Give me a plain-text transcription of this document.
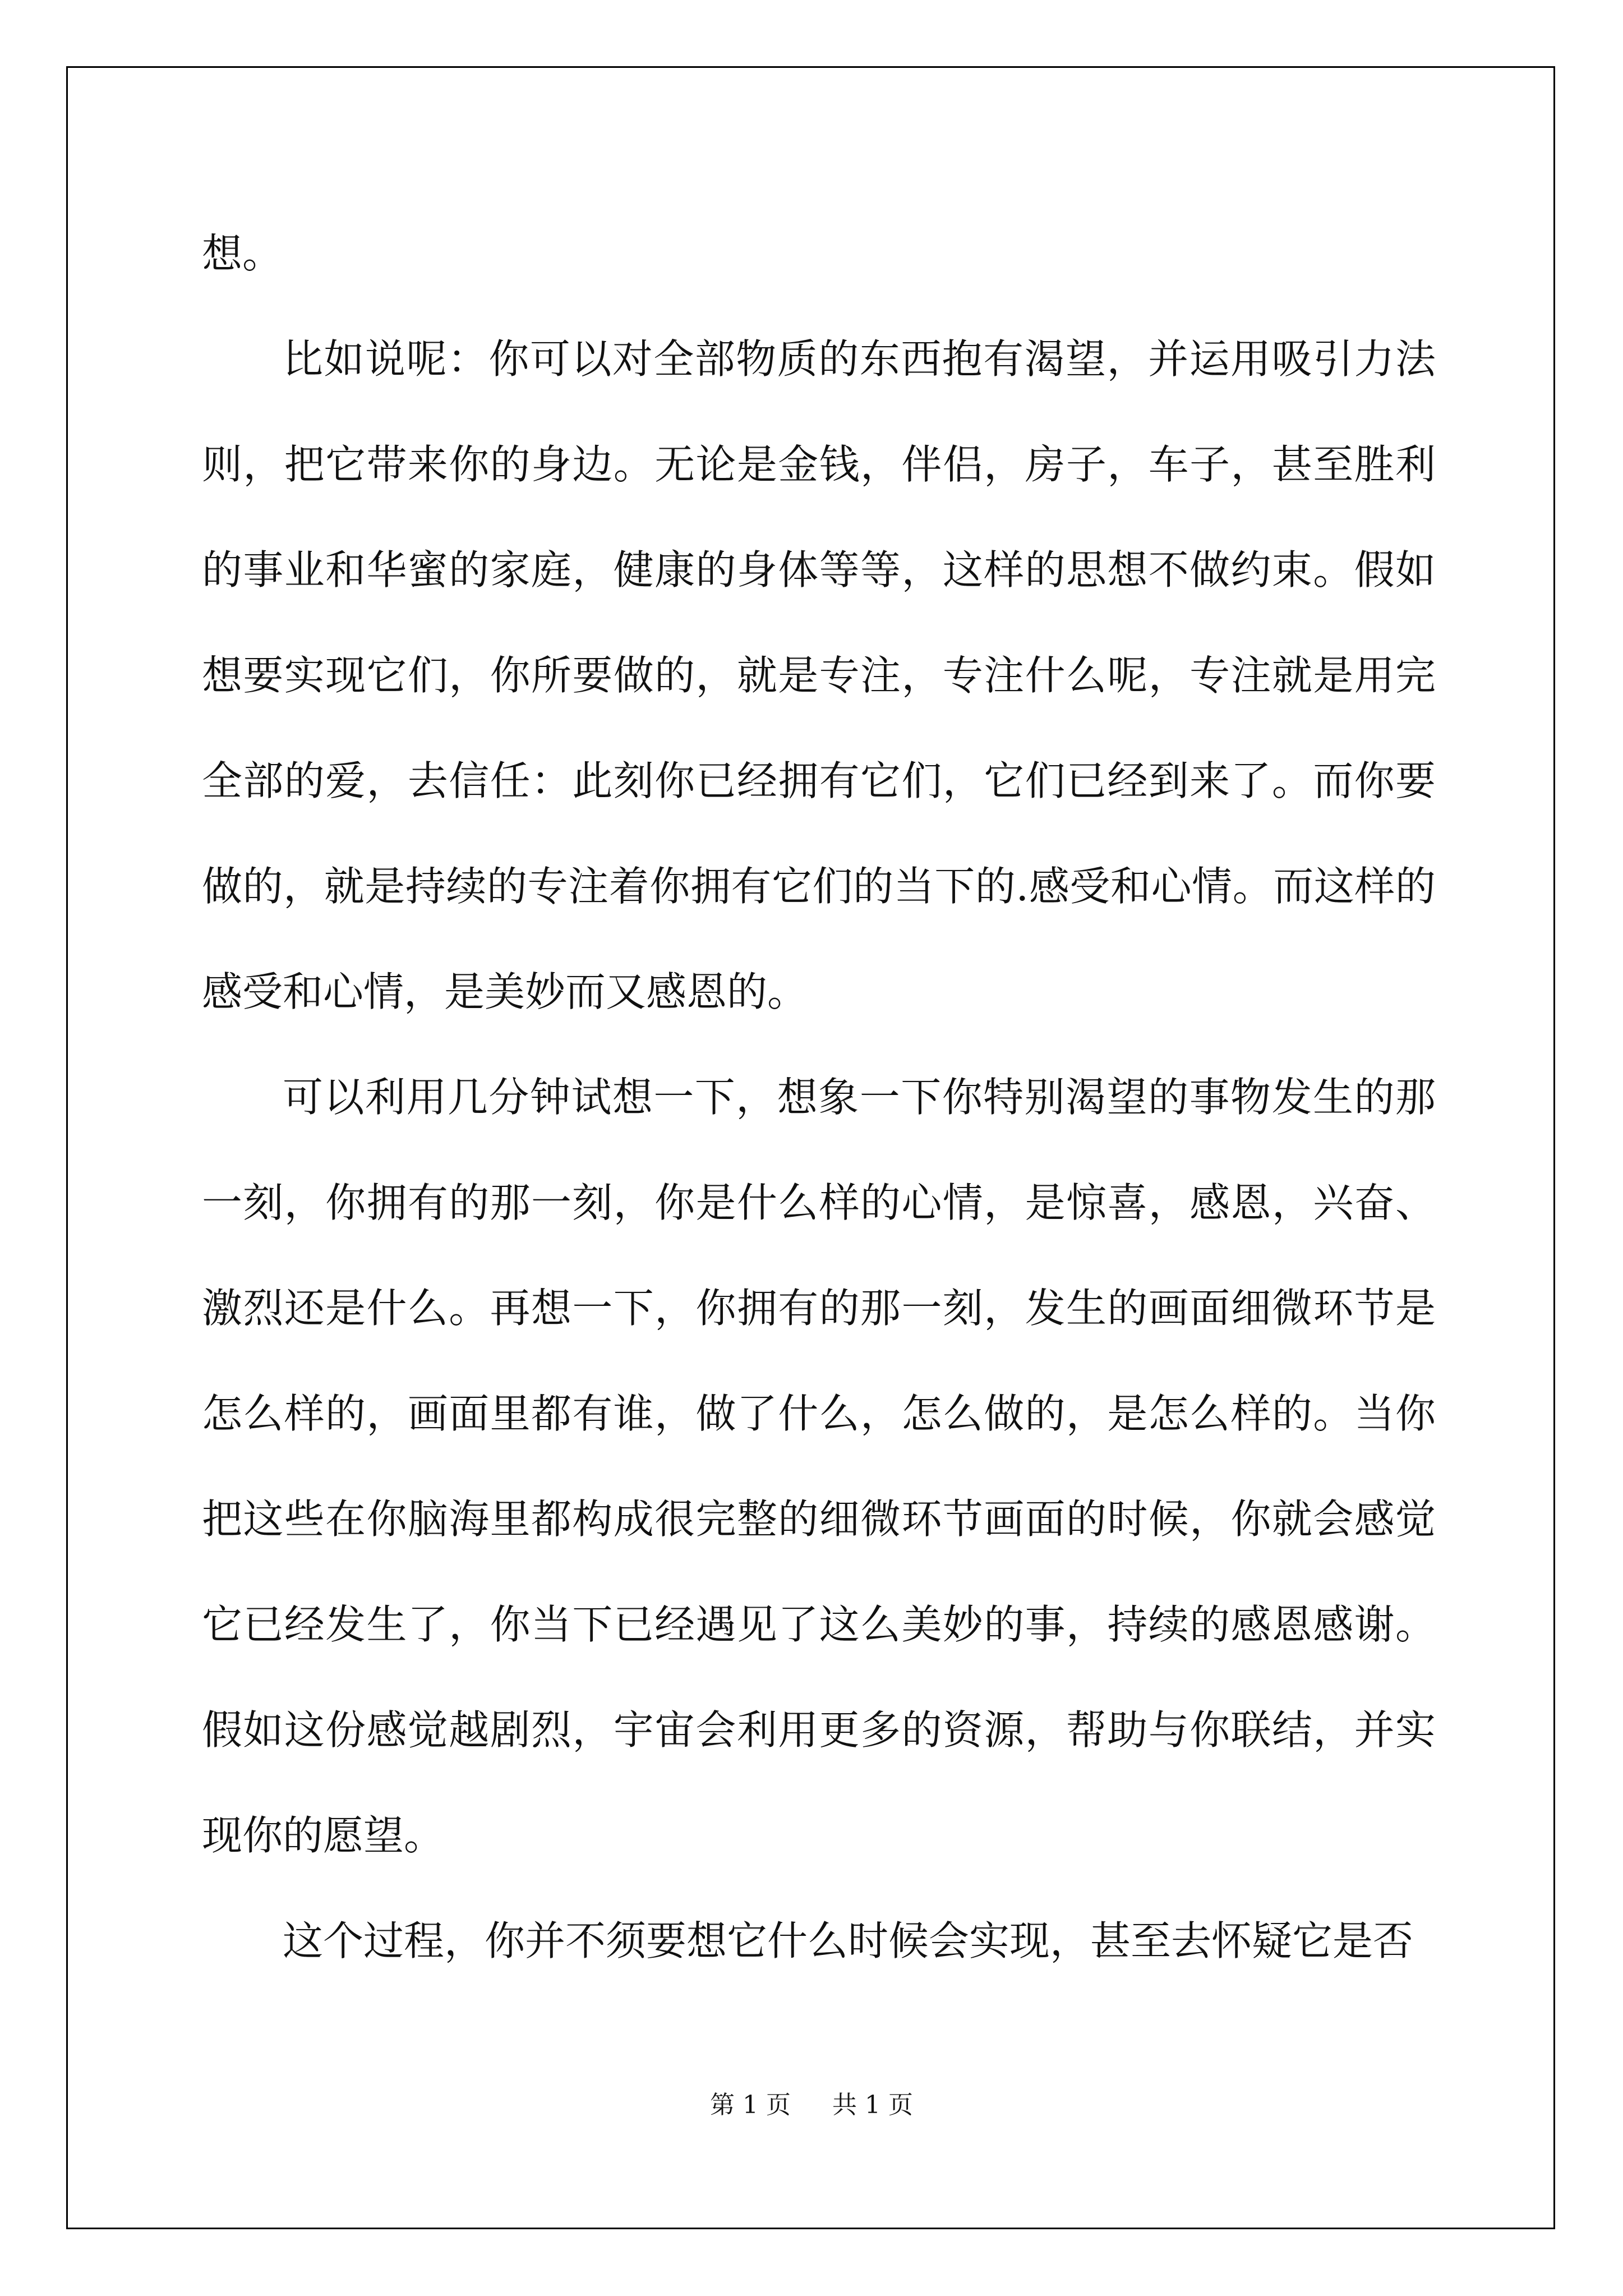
想。

比如说呢：你可以对全部物质的东西抱有渴望，并运用吸引力法则，把它带来你的身边。无论是金钱，伴侣，房子，车子，甚至胜利的事业和华蜜的家庭，健康的身体等等，这样的思想不做约束。假如想要实现它们，你所要做的，就是专注，专注什么呢，专注就是用完全部的爱，去信任：此刻你已经拥有它们，它们已经到来了。而你要做的，就是持续的专注着你拥有它们的当下的.感受和心情。而这样的感受和心情，是美妙而又感恩的。

可以利用几分钟试想一下，想象一下你特别渴望的事物发生的那一刻，你拥有的那一刻，你是什么样的心情，是惊喜，感恩，兴奋、激烈还是什么。再想一下，你拥有的那一刻，发生的画面细微环节是怎么样的，画面里都有谁，做了什么，怎么做的，是怎么样的。当你把这些在你脑海里都构成很完整的细微环节画面的时候，你就会感觉它已经发生了，你当下已经遇见了这么美妙的事，持续的感恩感谢。假如这份感觉越剧烈，宇宙会利用更多的资源，帮助与你联结，并实现你的愿望。

这个过程，你并不须要想它什么时候会实现，甚至去怀疑它是否

第 1 页 共 1 页
